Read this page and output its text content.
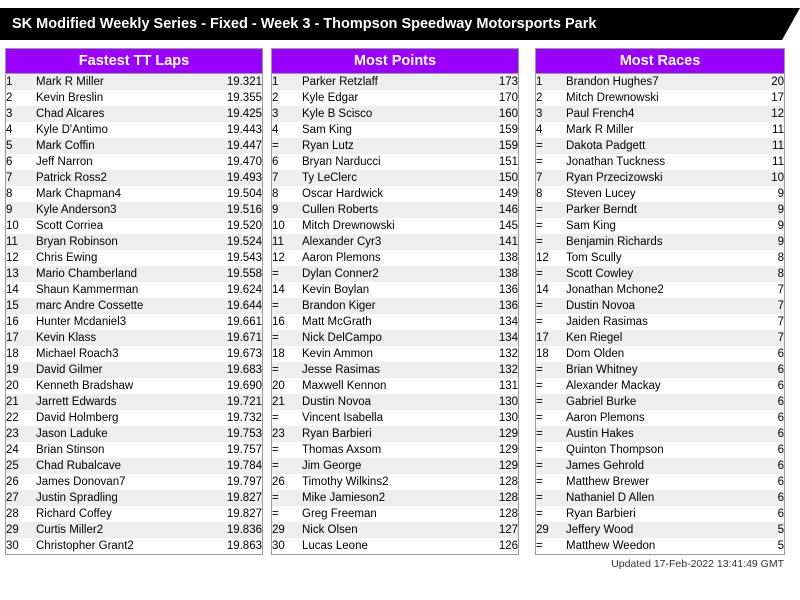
SK Modified Weekly Series - Fixed - Week 3 - Thompson Speedway Motorsports Park
Fastest TT Laps
1	Mark R Miller	19.321
2	Kevin Breslin	19.355
3	Chad Alcares	19.425
4	Kyle D'Antimo	19.443
5	Mark Coffin	19.447
6	Jeff Narron	19.470
7	Patrick Ross2	19.493
8	Mark Chapman4	19.504
9	Kyle Anderson3	19.516
10	Scott Corriea	19.520
11	Bryan Robinson	19.524
12	Chris Ewing	19.543
13	Mario Chamberland	19.558
14	Shaun Kammerman	19.624
15	marc Andre Cossette	19.644
16	Hunter Mcdaniel3	19.661
17	Kevin Klass	19.671
18	Michael Roach3	19.673
19	David Gilmer	19.683
20	Kenneth Bradshaw	19.690
21	Jarrett Edwards	19.721
22	David Holmberg	19.732
23	Jason Laduke	19.753
24	Brian Stinson	19.757
25	Chad Rubalcave	19.784
26	James Donovan7	19.797
27	Justin Spradling	19.827
28	Richard Coffey	19.827
29	Curtis Miller2	19.836
30	Christopher Grant2	19.863
Most Points
1	Parker Retzlaff	173
2	Kyle Edgar	170
3	Kyle B Scisco	160
4	Sam King	159
=	Ryan Lutz	159
6	Bryan Narducci	151
7	Ty LeClerc	150
8	Oscar Hardwick	149
9	Cullen Roberts	146
10	Mitch Drewnowski	145
11	Alexander Cyr3	141
12	Aaron Plemons	138
=	Dylan Conner2	138
14	Kevin Boylan	136
=	Brandon Kiger	136
16	Matt McGrath	134
=	Nick DelCampo	134
18	Kevin Ammon	132
=	Jesse Rasimas	132
20	Maxwell Kennon	131
21	Dustin Novoa	130
=	Vincent Isabella	130
23	Ryan Barbieri	129
=	Thomas Axsom	129
=	Jim George	129
26	Timothy Wilkins2	128
=	Mike Jamieson2	128
=	Greg Freeman	128
29	Nick Olsen	127
30	Lucas Leone	126
Most Races
1	Brandon Hughes7	20
2	Mitch Drewnowski	17
3	Paul French4	12
4	Mark R Miller	11
=	Dakota Padgett	11
=	Jonathan Tuckness	11
7	Ryan Przecizowski	10
8	Steven Lucey	9
=	Parker Berndt	9
=	Sam King	9
=	Benjamin Richards	9
12	Tom Scully	8
=	Scott Cowley	8
14	Jonathan Mchone2	7
=	Dustin Novoa	7
=	Jaiden Rasimas	7
17	Ken Riegel	7
18	Dom Olden	6
=	Brian Whitney	6
=	Alexander Mackay	6
=	Gabriel Burke	6
=	Aaron Plemons	6
=	Austin Hakes	6
=	Quinton Thompson	6
=	James Gehrold	6
=	Matthew Brewer	6
=	Nathaniel D Allen	6
=	Ryan Barbieri	6
29	Jeffery Wood	5
=	Matthew Weedon	5
Updated 17-Feb-2022 13:41:49 GMT
